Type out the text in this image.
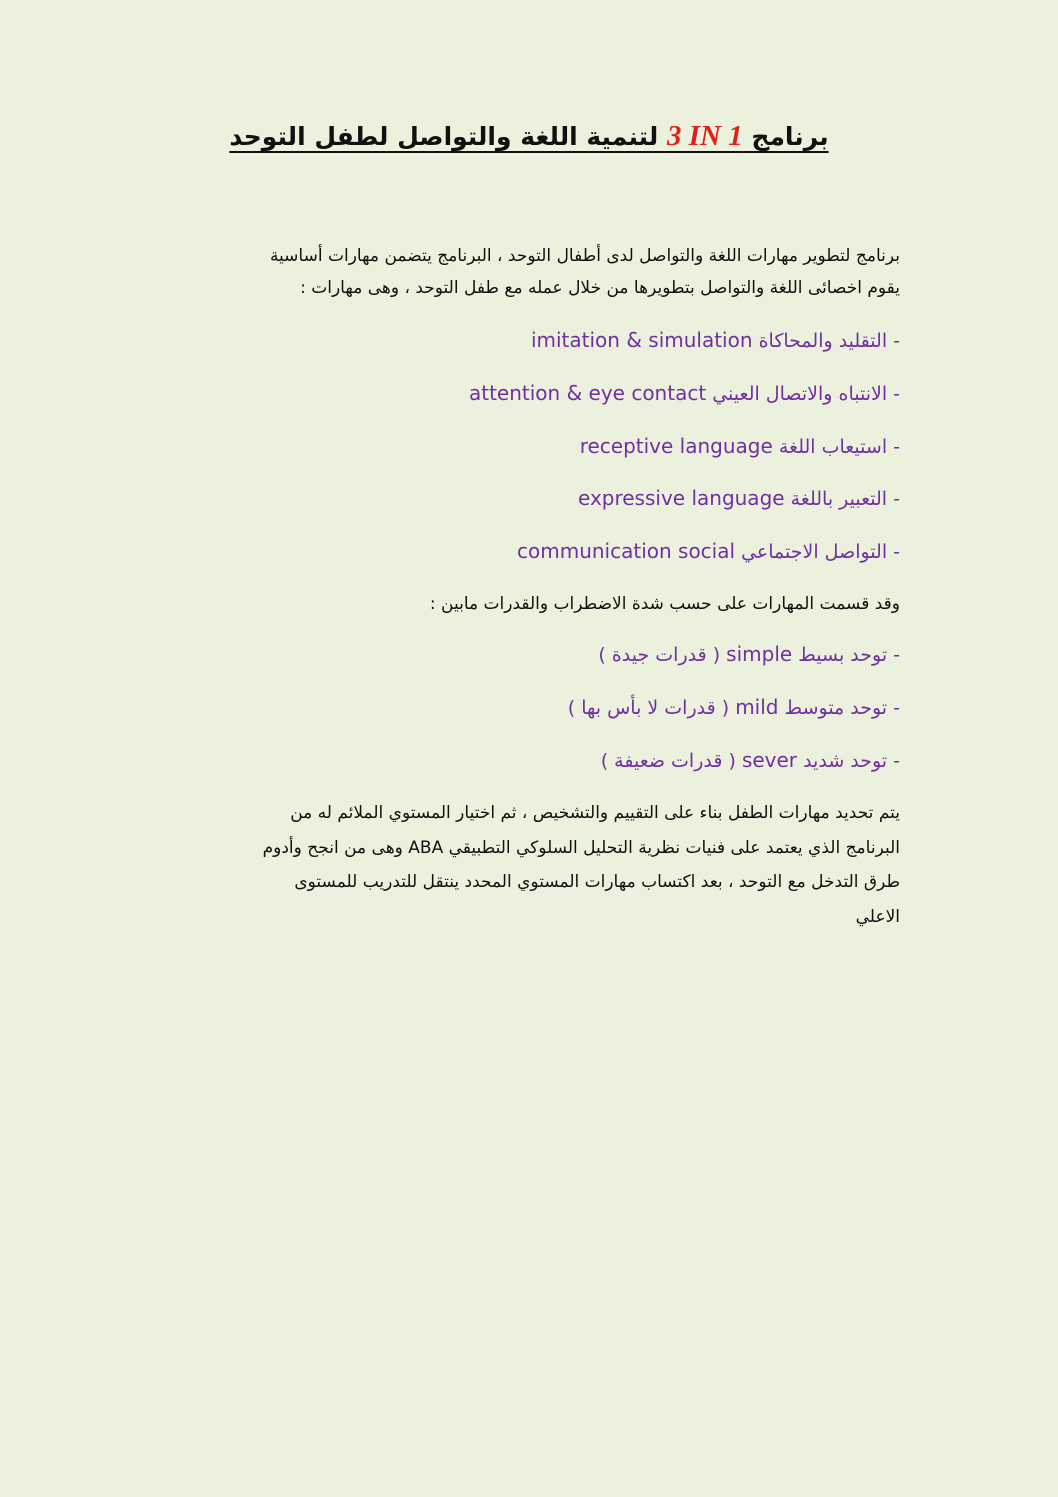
برنامج 3 IN 1 لتنمية اللغة والتواصل لطفل التوحد
برنامج لتطوير مهارات اللغة والتواصل لدى أطفال التوحد ، البرنامج يتضمن مهارات أساسية
يقوم اخصائى اللغة والتواصل بتطويرها من خلال عمله مع طفل التوحد ، وهى مهارات :
- التقليد والمحاكاة imitation & simulation
- الانتباه والاتصال العيني attention & eye contact
- استيعاب اللغة receptive language
- التعبير باللغة expressive language
- التواصل الاجتماعي communication social
وقد قسمت المهارات على حسب شدة الاضطراب والقدرات مابين :
- توحد بسيط simple ( قدرات جيدة )
- توحد متوسط mild ( قدرات لا بأس بها )
- توحد شديد sever ( قدرات ضعيفة )
يتم تحديد مهارات الطفل بناء على التقييم والتشخيص ، ثم اختيار المستوي الملائم له من
البرنامج الذي يعتمد على فنيات نظرية التحليل السلوكي التطبيقي ABA وهى من انجح وأدوم
طرق التدخل مع التوحد ، بعد اكتساب مهارات المستوي المحدد ينتقل للتدريب للمستوى
الاعلي
